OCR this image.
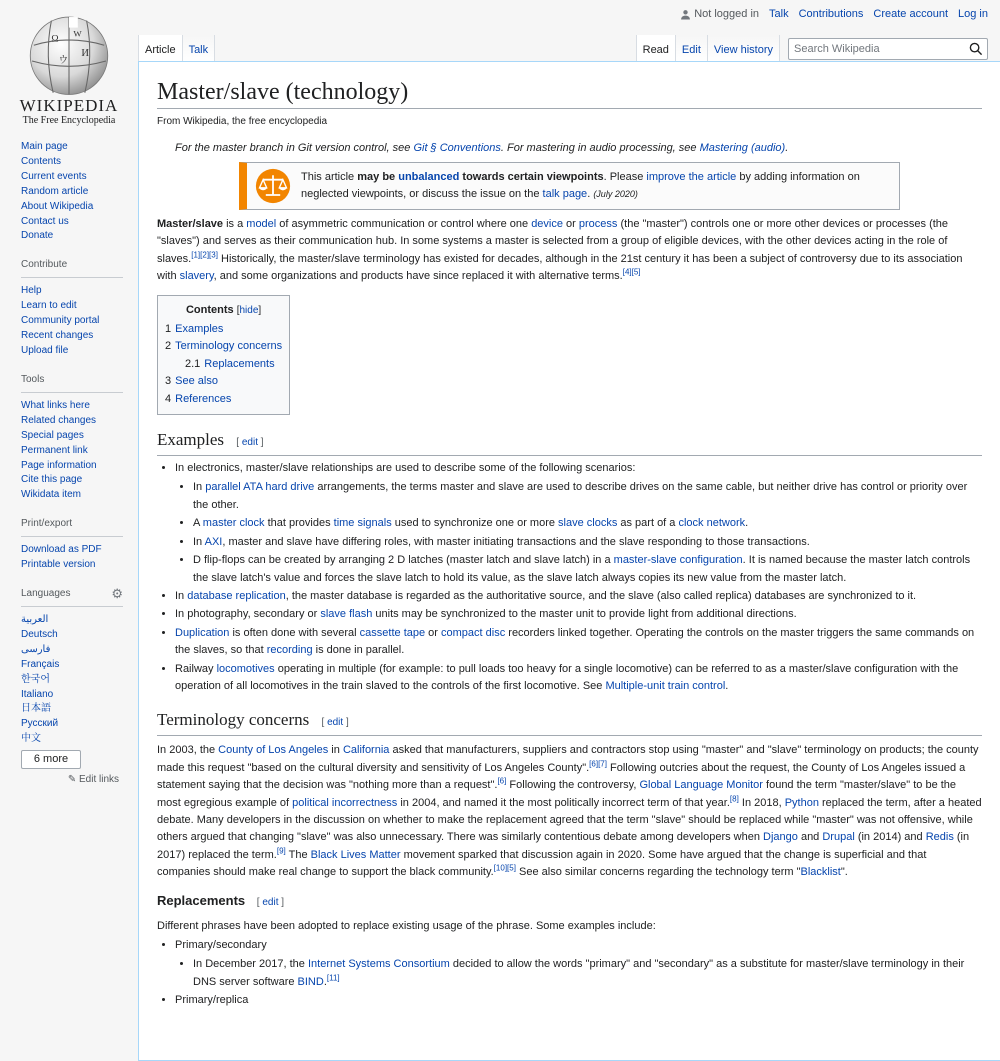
Not logged in Talk Contributions Create account Log in
Ω
W
И
ウ
WIKIPEDIA
The Free Encyclopedia
Article	Talk	Read	Edit	View history	Search Wikipedia
Main page
Contents
Current events
Random article
About Wikipedia
Contact us
Donate
Contribute
Help
Learn to edit
Community portal
Recent changes
Upload file
Tools
What links here
Related changes
Special pages
Permanent link
Page information
Cite this page
Wikidata item
Print/export
Download as PDF
Printable version
Languages	⚙
العربية
Deutsch
فارسی
Français
한국어
Italiano
日本語
Русский
中文
6 more
✎ Edit links
Master/slave (technology)
From Wikipedia, the free encyclopedia
For the master branch in Git version control, see Git § Conventions. For mastering in audio processing, see Mastering (audio).
This article may be unbalanced towards certain viewpoints. Please improve the article by adding information on neglected viewpoints, or discuss the issue on the talk page. (July 2020)

Master/slave is a model of asymmetric communication or control where one device or process (the "master") controls one or more other devices or processes (the "slaves") and serves as their communication hub. In some systems a master is selected from a group of eligible devices, with the other devices acting in the role of slaves.[1][2][3] Historically, the master/slave terminology has existed for decades, although in the 21st century it has been a subject of controversy due to its association with slavery, and some organizations and products have since replaced it with alternative terms.[4][5]

Contents [hide]
1 Examples
2 Terminology concerns
2.1 Replacements
3 See also
4 References
Examples [ edit ]
• In electronics, master/slave relationships are used to describe some of the following scenarios:
• In parallel ATA hard drive arrangements, the terms master and slave are used to describe drives on the same cable, but neither drive has control or priority over the other.
• A master clock that provides time signals used to synchronize one or more slave clocks as part of a clock network.
• In AXI, master and slave have differing roles, with master initiating transactions and the slave responding to those transactions.
• D flip-flops can be created by arranging 2 D latches (master latch and slave latch) in a master-slave configuration. It is named because the master latch controls the slave latch's value and forces the slave latch to hold its value, as the slave latch always copies its new value from the master latch.
• In database replication, the master database is regarded as the authoritative source, and the slave (also called replica) databases are synchronized to it.
• In photography, secondary or slave flash units may be synchronized to the master unit to provide light from additional directions.
• Duplication is often done with several cassette tape or compact disc recorders linked together. Operating the controls on the master triggers the same commands on the slaves, so that recording is done in parallel.
• Railway locomotives operating in multiple (for example: to pull loads too heavy for a single locomotive) can be referred to as a master/slave configuration with the operation of all locomotives in the train slaved to the controls of the first locomotive. See Multiple-unit train control.
Terminology concerns [ edit ]

In 2003, the County of Los Angeles in California asked that manufacturers, suppliers and contractors stop using "master" and "slave" terminology on products; the county made this request "based on the cultural diversity and sensitivity of Los Angeles County".[6][7] Following outcries about the request, the County of Los Angeles issued a statement saying that the decision was "nothing more than a request".[6] Following the controversy, Global Language Monitor found the term "master/slave" to be the most egregious example of political incorrectness in 2004, and named it the most politically incorrect term of that year.[8] In 2018, Python replaced the term, after a heated debate. Many developers in the discussion on whether to make the replacement agreed that the term "slave" should be replaced while "master" was not offensive, while others argued that changing "slave" was also unnecessary. There was similarly contentious debate among developers when Django and Drupal (in 2014) and Redis (in 2017) replaced the term.[9] The Black Lives Matter movement sparked that discussion again in 2020. Some have argued that the change is superficial and that companies should make real change to support the black community.[10][5] See also similar concerns regarding the technology term "Blacklist".

Replacements [ edit ]

Different phrases have been adopted to replace existing usage of the phrase. Some examples include:

• Primary/secondary
• In December 2017, the Internet Systems Consortium decided to allow the words "primary" and "secondary" as a substitute for master/slave terminology in their DNS server software BIND.[11]
• Primary/replica
